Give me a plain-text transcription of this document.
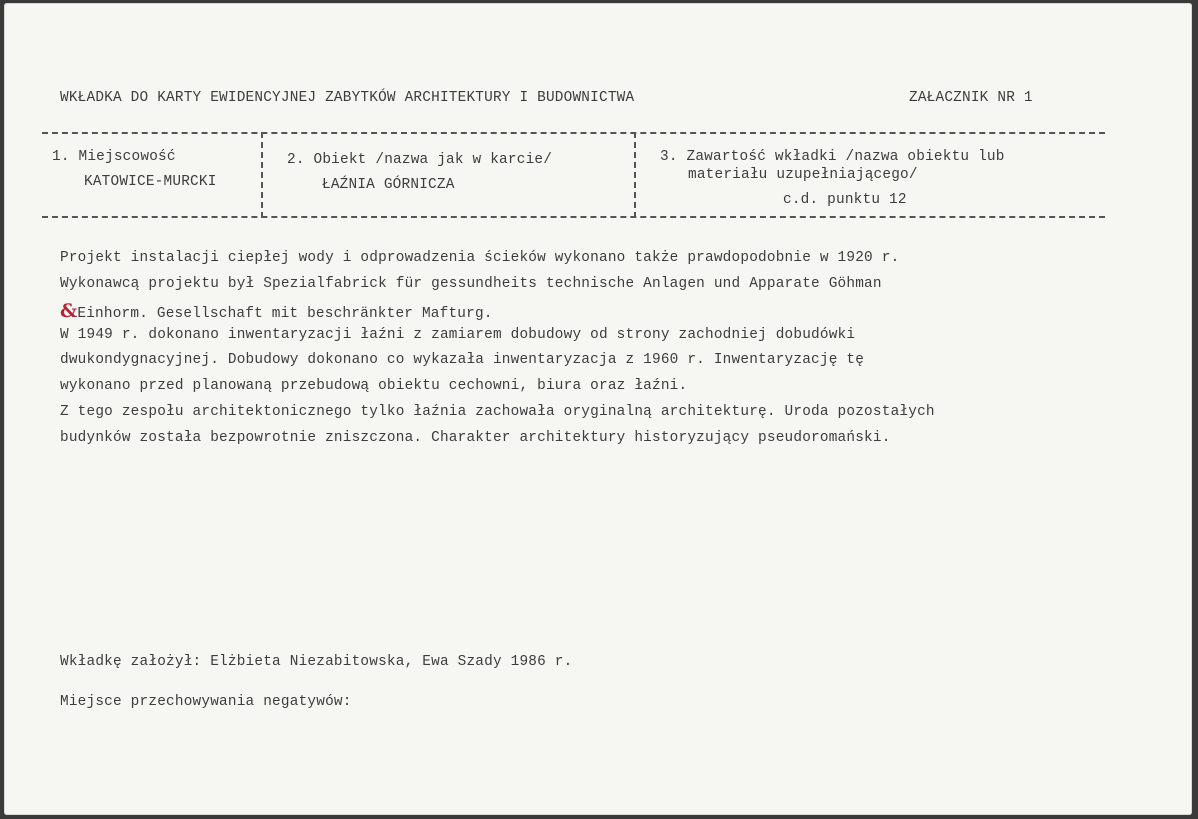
WKŁADKA DO KARTY EWIDENCYJNEJ ZABYTKÓW ARCHITEKTURY I BUDOWNICTWA	ZAŁACZNIK NR 1
1. Miejscowość
KATOWICE-MURCKI
2. Obiekt /nazwa jak w karcie/
ŁAŹNIA GÓRNICZA
3. Zawartość wkładki /nazwa obiektu lub
materiału uzupełniającego/
c.d. punktu 12
Projekt instalacji ciepłej wody i odprowadzenia ścieków wykonano także prawdopodobnie w 1920 r.
Wykonawcą projektu był Spezialfabrick für gessundheits technische Anlagen und Apparate Göhman
&Einhorm. Gesellschaft mit beschränkter Mafturg.
W 1949 r. dokonano inwentaryzacji łaźni z zamiarem dobudowy od strony zachodniej dobudówki
dwukondygnacyjnej. Dobudowy dokonano co wykazała inwentaryzacja z 1960 r. Inwentaryzację tę
wykonano przed planowaną przebudową obiektu cechowni, biura oraz łaźni.
Z tego zespołu architektonicznego tylko łaźnia zachowała oryginalną architekturę. Uroda pozostałych
budynków została bezpowrotnie zniszczona. Charakter architektury historyzujący pseudoromański.
Wkładkę założył: Elżbieta Niezabitowska, Ewa Szady 1986 r.
Miejsce przechowywania negatywów:
